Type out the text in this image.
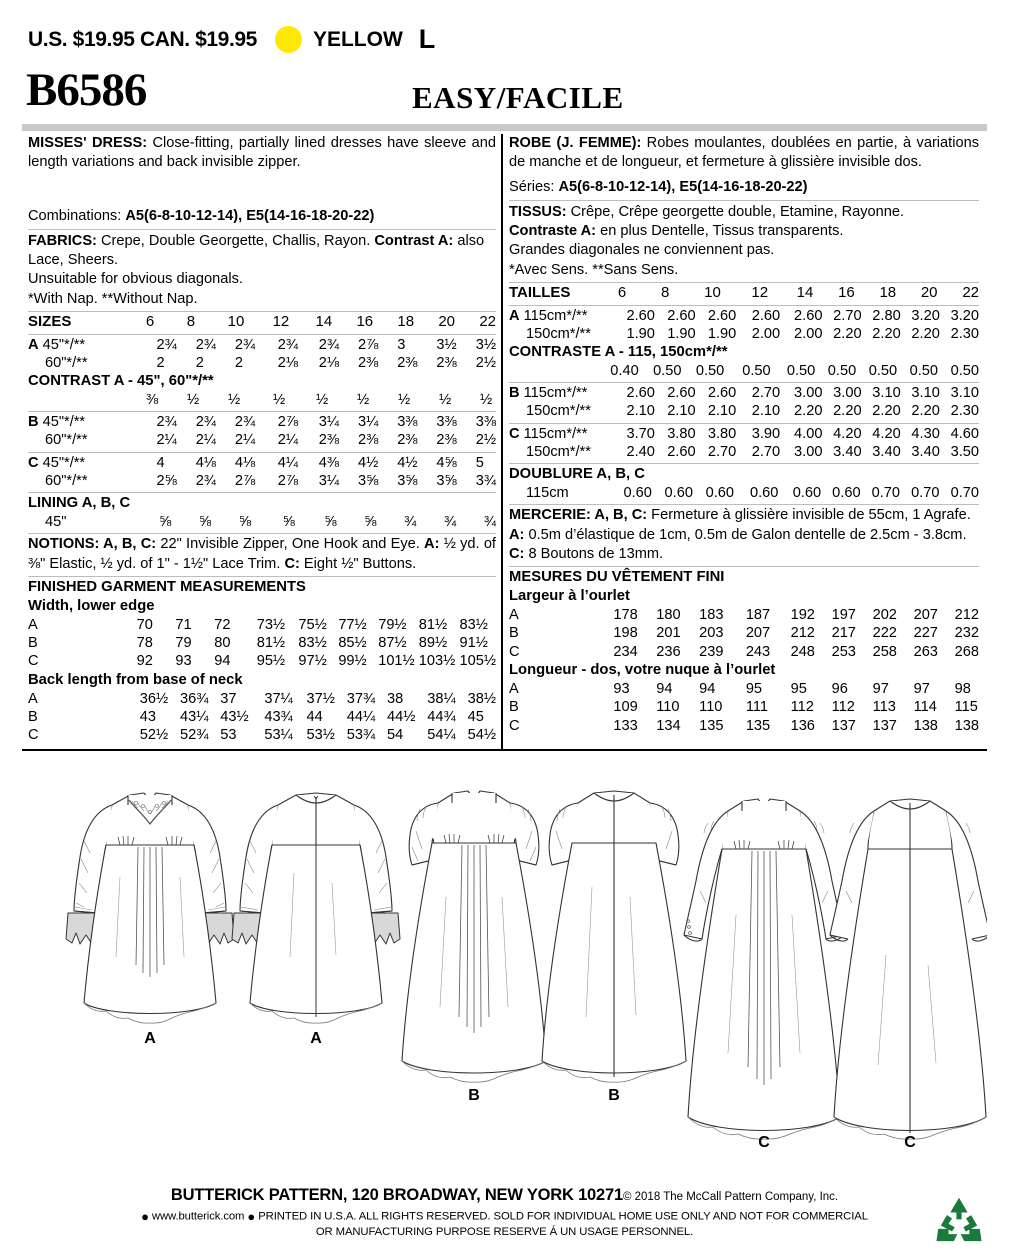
U.S. $19.95 CAN. $19.95	YELLOW L
B6586	EASY/FACILE

MISSES' DRESS: Close-fitting, partially lined dresses have sleeve and length variations and back invisible zipper.

Combinations: A5(6-8-10-12-14), E5(14-16-18-20-22)

FABRICS: Crepe, Double Georgette, Challis, Rayon. Contrast A: also Lace, Sheers.

Unsuitable for obvious diagonals.

*With Nap. **Without Nap.

SIZES	6	8	10	12	14	16	18	20	22
A 45"*/**	2¾	2¾	2¾	2¾	2¾	2⅞	3	3½	3½
60"*/**	2	2	2	2⅛	2⅛	2⅜	2⅜	2⅜	2½
CONTRAST A - 45", 60"*/**
	⅜	½	½	½	½	½	½	½	½
B 45"*/**	2¾	2¾	2¾	2⅞	3¼	3¼	3⅜	3⅜	3⅜
60"*/**	2¼	2¼	2¼	2¼	2⅜	2⅜	2⅜	2⅜	2½
C 45"*/**	4	4⅛	4⅛	4¼	4⅜	4½	4½	4⅝	5
60"*/**	2⅝	2¾	2⅞	2⅞	3¼	3⅝	3⅝	3⅝	3¾
LINING A, B, C
45"	⅝	⅝	⅝	⅝	⅝	⅝	¾	¾	¾

NOTIONS: A, B, C: 22" Invisible Zipper, One Hook and Eye. A: ½ yd. of ⅜" Elastic, ½ yd. of 1" - 1½" Lace Trim. C: Eight ½" Buttons.

FINISHED GARMENT MEASUREMENTS
Width, lower edge
A	70	71	72	73½	75½	77½	79½	81½	83½
B	78	79	80	81½	83½	85½	87½	89½	91½
C	92	93	94	95½	97½	99½	101½	103½	105½
Back length from base of neck
A	36½	36¾	37	37¼	37½	37¾	38	38¼	38½
B	43	43¼	43½	43¾	44	44¼	44½	44¾	45
C	52½	52¾	53	53¼	53½	53¾	54	54¼	54½

ROBE (J. FEMME): Robes moulantes, doublées en partie, à variations de manche et de longueur, et fermeture à glissière invisible dos.

Séries: A5(6-8-10-12-14), E5(14-16-18-20-22)

TISSUS: Crêpe, Crêpe georgette double, Etamine, Rayonne.

Contraste A: en plus Dentelle, Tissus transparents.

Grandes diagonales ne conviennent pas.

*Avec Sens. **Sans Sens.

TAILLES	6	8	10	12	14	16	18	20	22
A 115cm*/**	2.60	2.60	2.60	2.60	2.60	2.70	2.80	3.20	3.20
150cm*/**	1.90	1.90	1.90	2.00	2.00	2.20	2.20	2.20	2.30
CONTRASTE A - 115, 150cm*/**
	0.40	0.50	0.50	0.50	0.50	0.50	0.50	0.50	0.50
B 115cm*/**	2.60	2.60	2.60	2.70	3.00	3.00	3.10	3.10	3.10
150cm*/**	2.10	2.10	2.10	2.10	2.20	2.20	2.20	2.20	2.30
C 115cm*/**	3.70	3.80	3.80	3.90	4.00	4.20	4.20	4.30	4.60
150cm*/**	2.40	2.60	2.70	2.70	3.00	3.40	3.40	3.40	3.50
DOUBLURE A, B, C
115cm	0.60	0.60	0.60	0.60	0.60	0.60	0.70	0.70	0.70

MERCERIE: A, B, C: Fermeture à glissière invisible de 55cm, 1 Agrafe. A: 0.5m d’élastique de 1cm, 0.5m de Galon dentelle de 2.5cm - 3.8cm. C: 8 Boutons de 13mm.

MESURES DU VÊTEMENT FINI
Largeur à l’ourlet
A	178	180	183	187	192	197	202	207	212
B	198	201	203	207	212	217	222	227	232
C	234	236	239	243	248	253	258	263	268
Longueur - dos, votre nuque à l’ourlet
A	93	94	94	95	95	96	97	97	98
B	109	110	110	111	112	112	113	114	115
C	133	134	135	135	136	137	137	138	138
A	A
B	B
C	C
BUTTERICK PATTERN, 120 BROADWAY, NEW YORK 10271© 2018 The McCall Pattern Company, Inc.
● www.butterick.com ● PRINTED IN U.S.A. ALL RIGHTS RESERVED. SOLD FOR INDIVIDUAL HOME USE ONLY AND NOT FOR COMMERCIAL
OR MANUFACTURING PURPOSE RESERVE Á UN USAGE PERSONNEL.
